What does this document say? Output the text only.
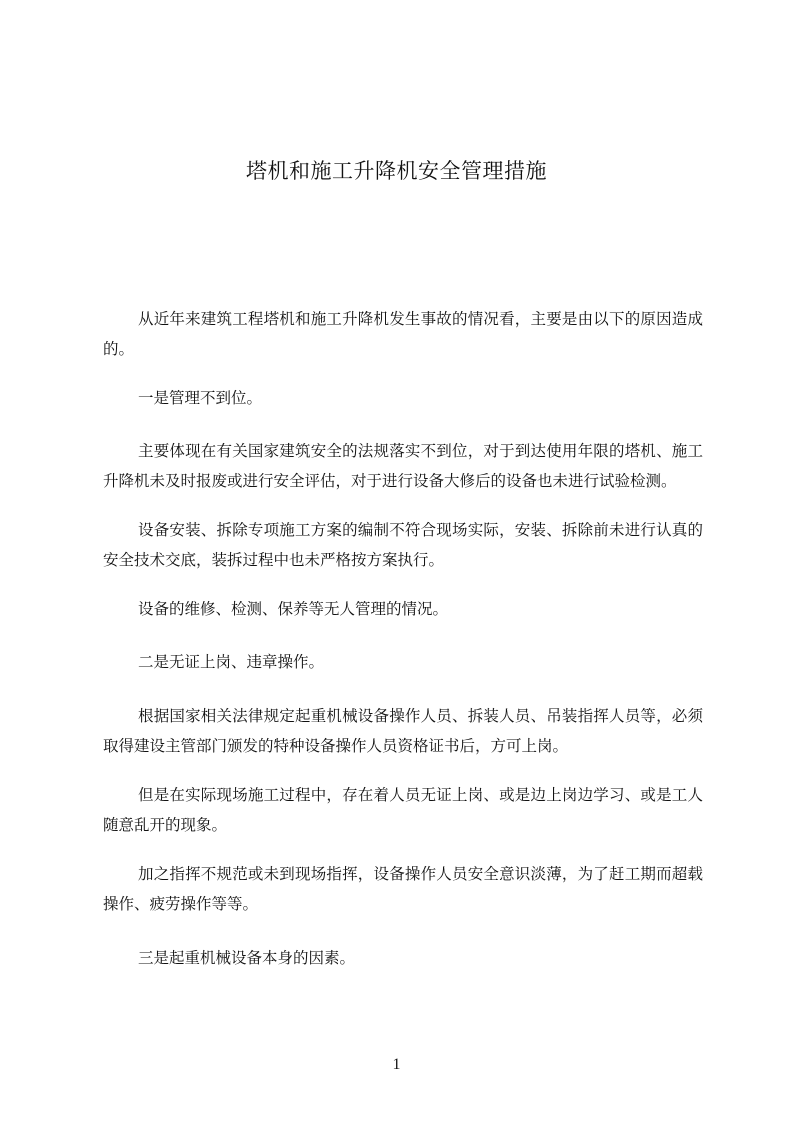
塔机和施工升降机安全管理措施

从近年来建筑工程塔机和施工升降机发生事故的情况看，主要是由以下的原因造成的。

一是管理不到位。

主要体现在有关国家建筑安全的法规落实不到位，对于到达使用年限的塔机、施工升降机未及时报废或进行安全评估，对于进行设备大修后的设备也未进行试验检测。

设备安装、拆除专项施工方案的编制不符合现场实际，安装、拆除前未进行认真的安全技术交底，装拆过程中也未严格按方案执行。

设备的维修、检测、保养等无人管理的情况。

二是无证上岗、违章操作。

根据国家相关法律规定起重机械设备操作人员、拆装人员、吊装指挥人员等，必须取得建设主管部门颁发的特种设备操作人员资格证书后，方可上岗。

但是在实际现场施工过程中，存在着人员无证上岗、或是边上岗边学习、或是工人随意乱开的现象。

加之指挥不规范或未到现场指挥，设备操作人员安全意识淡薄，为了赶工期而超载操作、疲劳操作等等。

三是起重机械设备本身的因素。

1
